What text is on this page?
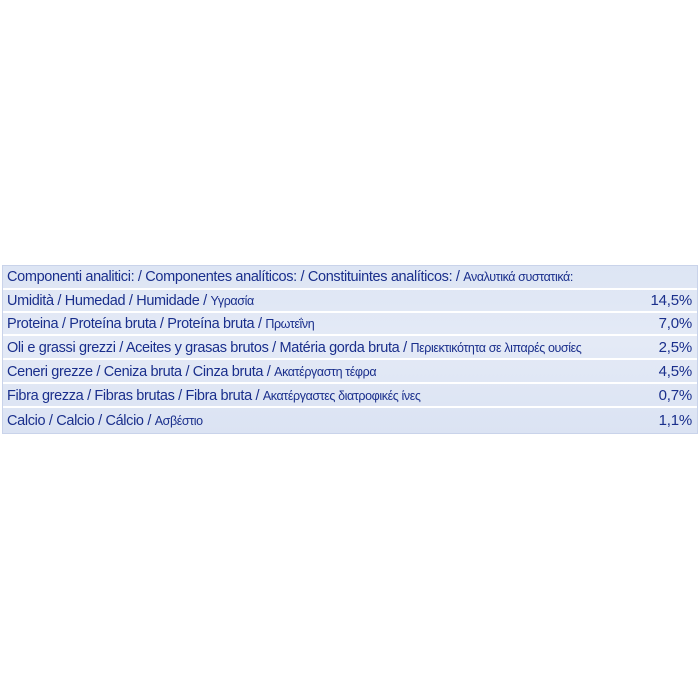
Componenti analitici: / Componentes analíticos: / Constituintes analíticos: / Αναλυτικά συστατικά:
Umidità / Humedad / Humidade / Υγρασία	14,5%
Proteina / Proteína bruta / Proteína bruta / Πρωτεΐνη	7,0%
Oli e grassi grezzi / Aceites y grasas brutos / Matéria gorda bruta / Περιεκτικότητα σε λιπαρές ουσίες	2,5%
Ceneri grezze / Ceniza bruta / Cinza bruta / Ακατέργαστη τέφρα	4,5%
Fibra grezza / Fibras brutas / Fibra bruta / Ακατέργαστες διατροφικές ίνες	0,7%
Calcio / Calcio / Cálcio / Ασβέστιο	1,1%
